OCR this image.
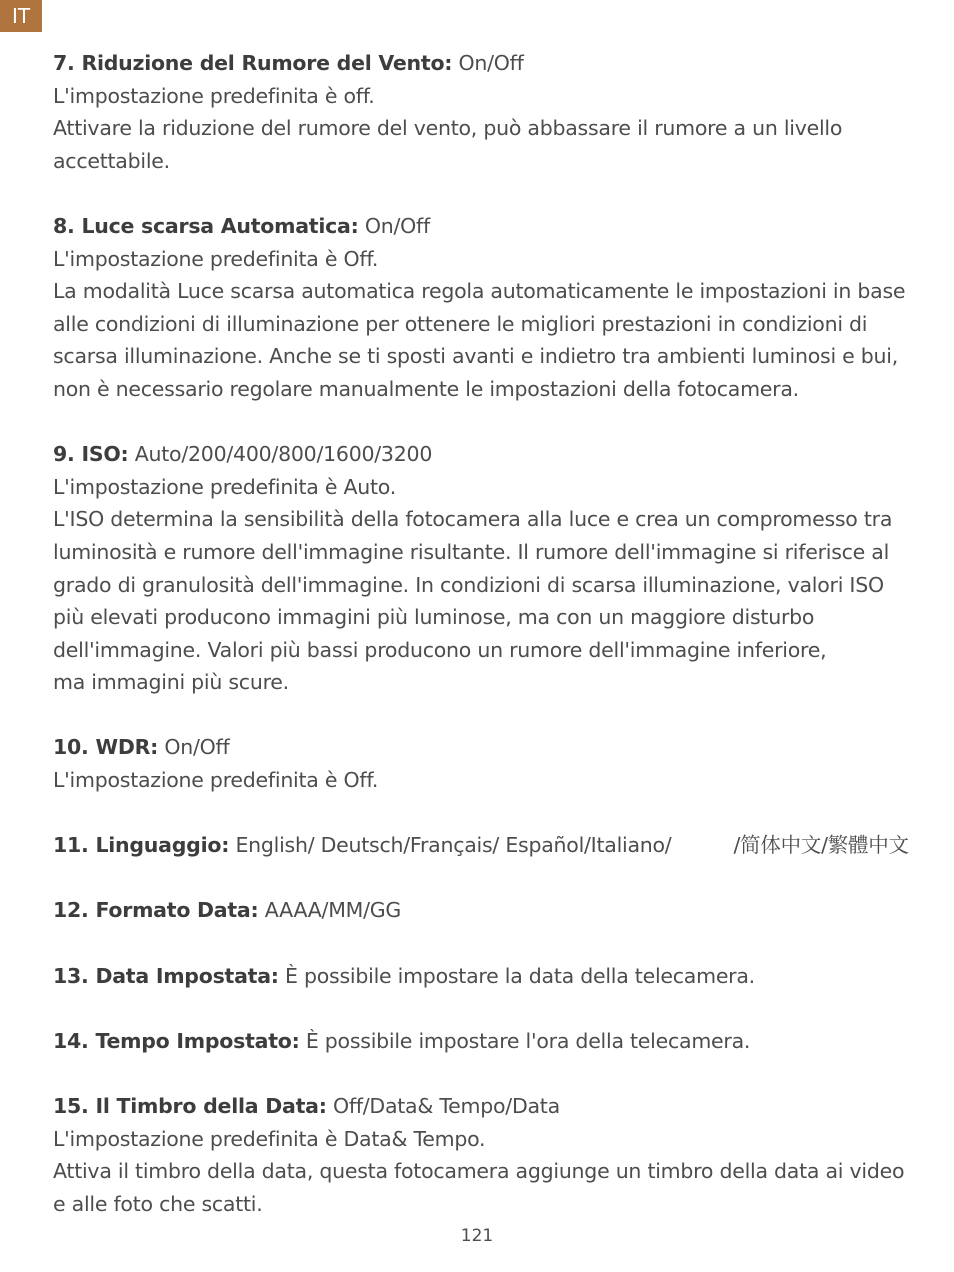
IT
7. Riduzione del Rumore del Vento: On/Off
L'impostazione predefinita è off.
Attivare la riduzione del rumore del vento, può abbassare il rumore a un livello
accettabile.
8. Luce scarsa Automatica: On/Off
L'impostazione predefinita è Off.
La modalità Luce scarsa automatica regola automaticamente le impostazioni in base
alle condizioni di illuminazione per ottenere le migliori prestazioni in condizioni di
scarsa illuminazione. Anche se ti sposti avanti e indietro tra ambienti luminosi e bui,
non è necessario regolare manualmente le impostazioni della fotocamera.
9. ISO: Auto/200/400/800/1600/3200
L'impostazione predefinita è Auto.
L'ISO determina la sensibilità della fotocamera alla luce e crea un compromesso tra
luminosità e rumore dell'immagine risultante. Il rumore dell'immagine si riferisce al
grado di granulosità dell'immagine. In condizioni di scarsa illuminazione, valori ISO
più elevati producono immagini più luminose, ma con un maggiore disturbo
dell'immagine. Valori più bassi producono un rumore dell'immagine inferiore,
ma immagini più scure.
10. WDR: On/Off
L'impostazione predefinita è Off.
11. Linguaggio: English/ Deutsch/Français/ Español/Italiano/	/简体中文/繁體中文
12. Formato Data: AAAA/MM/GG
13. Data Impostata: È possibile impostare la data della telecamera.
14. Tempo Impostato: È possibile impostare l'ora della telecamera.
15. Il Timbro della Data: Off/Data& Tempo/Data
L'impostazione predefinita è Data& Tempo.
Attiva il timbro della data, questa fotocamera aggiunge un timbro della data ai video
e alle foto che scatti.
121
